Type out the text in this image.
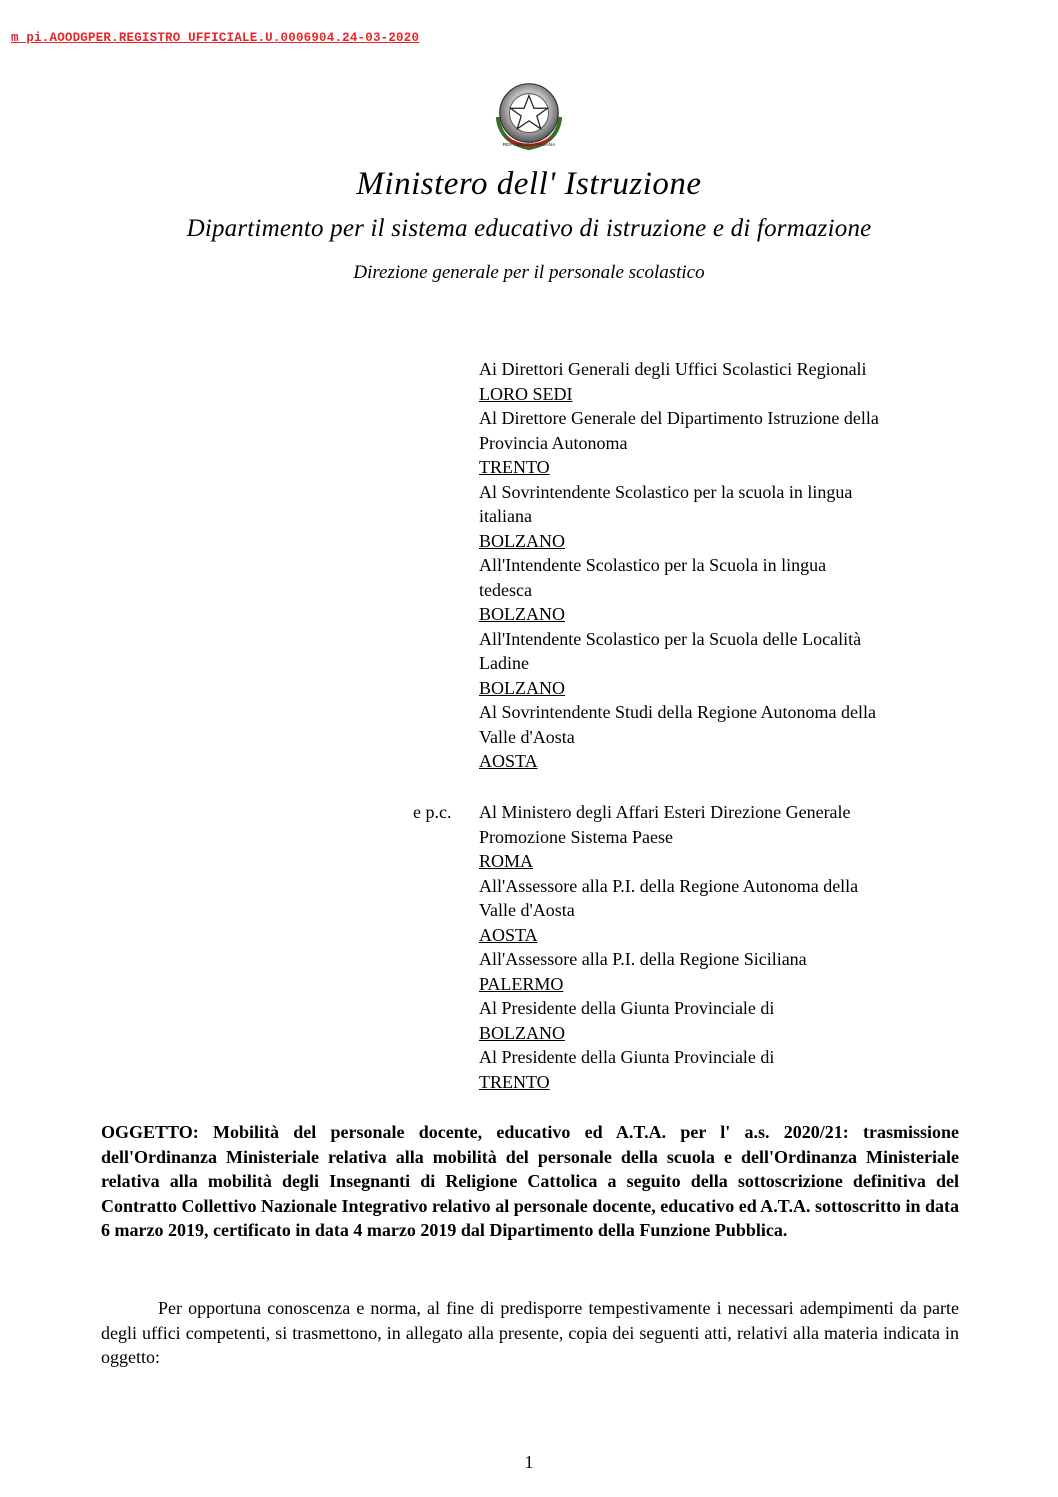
m_pi.AOODGPER.REGISTRO UFFICIALE.U.0006904.24-03-2020
REPVBBLICA ITALIANA
Ministero dell' Istruzione
Dipartimento per il sistema educativo di istruzione e di formazione
Direzione generale per il personale scolastico
Ai Direttori Generali degli Uffici Scolastici Regionali
LORO SEDI
Al Direttore Generale del Dipartimento Istruzione della
Provincia Autonoma
TRENTO
Al Sovrintendente Scolastico per la scuola in lingua
italiana
BOLZANO
All'Intendente Scolastico per la Scuola in lingua
tedesca
BOLZANO
All'Intendente Scolastico per la Scuola delle Località
Ladine
BOLZANO
Al Sovrintendente Studi della Regione Autonoma della
Valle d'Aosta
AOSTA
e p.c. Al Ministero degli Affari Esteri Direzione Generale
Promozione Sistema Paese
ROMA
All'Assessore alla P.I. della Regione Autonoma della
Valle d'Aosta
AOSTA
All'Assessore alla P.I. della Regione Siciliana
PALERMO
Al Presidente della Giunta Provinciale di
BOLZANO
Al Presidente della Giunta Provinciale di
TRENTO
OGGETTO: Mobilità del personale docente, educativo ed A.T.A. per l' a.s. 2020/21: trasmissione dell'Ordinanza Ministeriale relativa alla mobilità del personale della scuola e dell'Ordinanza Ministeriale relativa alla mobilità degli Insegnanti di Religione Cattolica a seguito della sottoscrizione definitiva del Contratto Collettivo Nazionale Integrativo relativo al personale docente, educativo ed A.T.A. sottoscritto in data 6 marzo 2019, certificato in data 4 marzo 2019 dal Dipartimento della Funzione Pubblica.
Per opportuna conoscenza e norma, al fine di predisporre tempestivamente i necessari adempimenti da parte degli uffici competenti, si trasmettono, in allegato alla presente, copia dei seguenti atti, relativi alla materia indicata in oggetto:
1
